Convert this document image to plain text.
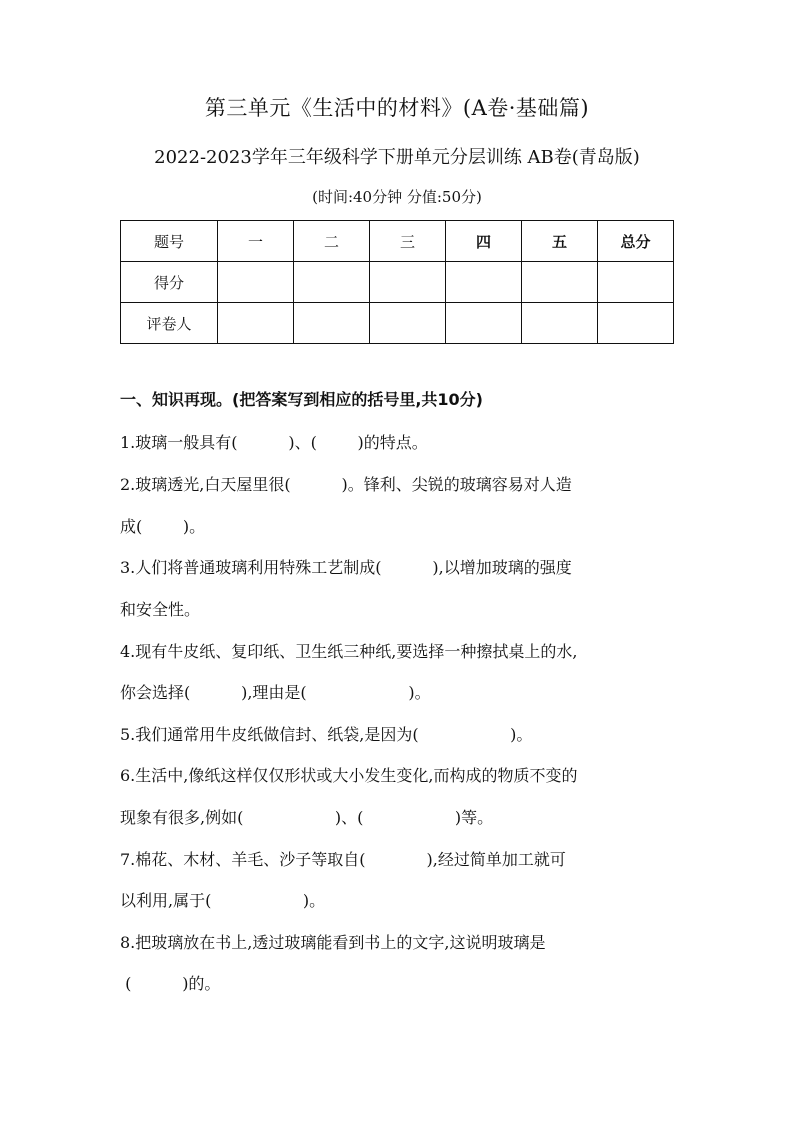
第三单元《生活中的材料》(A卷·基础篇)
2022-2023学年三年级科学下册单元分层训练 AB卷(青岛版)
(时间:40分钟 分值:50分)
题号	一	二	三	四	五	总分
得分						
评卷人						
一、知识再现。(把答案写到相应的括号里,共10分)
1.玻璃一般具有(          )、(        )的特点。
2.玻璃透光,白天屋里很(          )。锋利、尖锐的玻璃容易对人造
成(        )。
3.人们将普通玻璃利用特殊工艺制成(          ),以增加玻璃的强度
和安全性。
4.现有牛皮纸、复印纸、卫生纸三种纸,要选择一种擦拭桌上的水,
你会选择(          ),理由是(                    )。
5.我们通常用牛皮纸做信封、纸袋,是因为(                  )。
6.生活中,像纸这样仅仅形状或大小发生变化,而构成的物质不变的
现象有很多,例如(                  )、(                  )等。
7.棉花、木材、羊毛、沙子等取自(            ),经过简单加工就可
以利用,属于(                  )。
8.把玻璃放在书上,透过玻璃能看到书上的文字,这说明玻璃是
(          )的。
